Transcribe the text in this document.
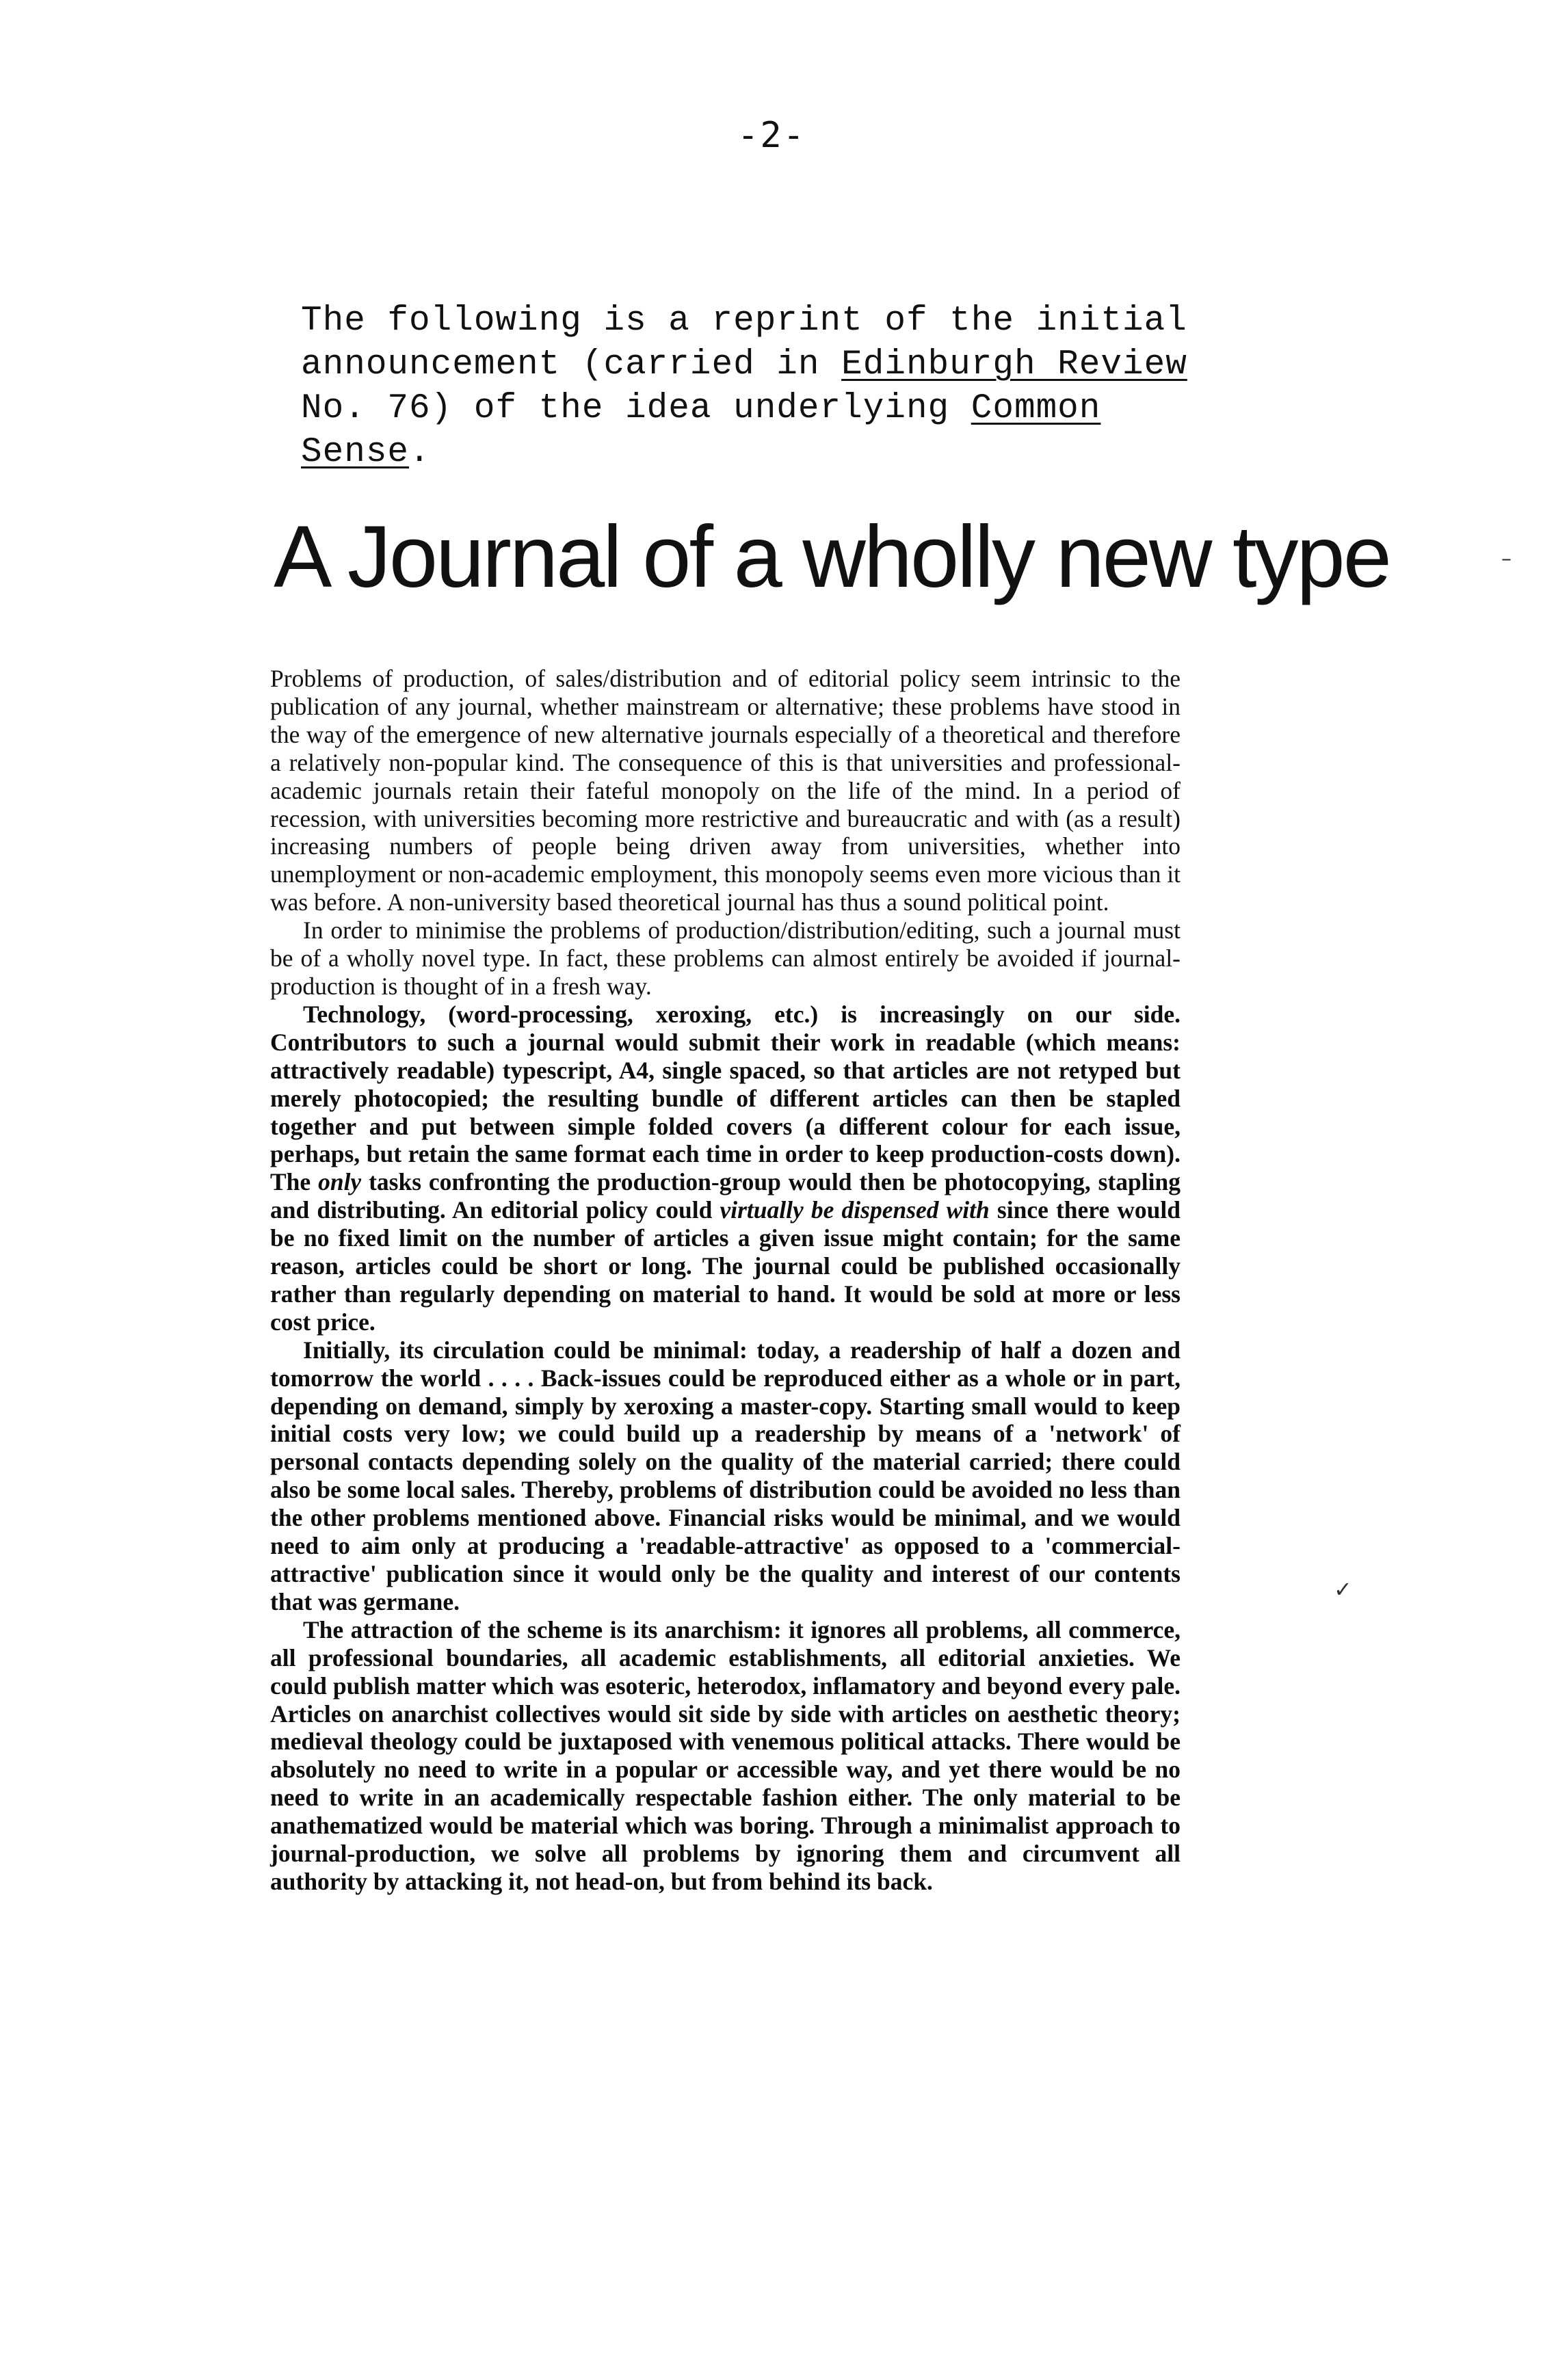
-2-
The following is a reprint of the initial announcement (carried in Edinburgh Review No. 76) of the idea underlying Common Sense.
A Journal of a wholly new type

Problems of production, of sales/distribution and of editorial policy seem intrinsic to the publication of any journal, whether mainstream or alternative; these problems have stood in the way of the emergence of new alternative journals especially of a theoretical and therefore a relatively non-popular kind. The consequence of this is that universities and professional-academic journals retain their fateful monopoly on the life of the mind. In a period of recession, with universities becoming more restrictive and bureaucratic and with (as a result) increasing numbers of people being driven away from universities, whether into unemployment or non-academic employment, this monopoly seems even more vicious than it was before. A non-university based theoretical journal has thus a sound political point.

In order to minimise the problems of production/distribution/editing, such a journal must be of a wholly novel type. In fact, these problems can almost entirely be avoided if journal-production is thought of in a fresh way.

Technology, (word-processing, xeroxing, etc.) is increasingly on our side. Contributors to such a journal would submit their work in readable (which means: attractively readable) typescript, A4, single spaced, so that articles are not retyped but merely photocopied; the resulting bundle of different articles can then be stapled together and put between simple folded covers (a different colour for each issue, perhaps, but retain the same format each time in order to keep production-costs down). The only tasks confronting the production-group would then be photocopying, stapling and distributing. An editorial policy could virtually be dispensed with since there would be no fixed limit on the number of articles a given issue might contain; for the same reason, articles could be short or long. The journal could be published occasionally rather than regularly depending on material to hand. It would be sold at more or less cost price.

Initially, its circulation could be minimal: today, a readership of half a dozen and tomorrow the world . . . . Back-issues could be reproduced either as a whole or in part, depending on demand, simply by xeroxing a master-copy. Starting small would to keep initial costs very low; we could build up a readership by means of a 'network' of personal contacts depending solely on the quality of the material carried; there could also be some local sales. Thereby, problems of distribution could be avoided no less than the other problems mentioned above. Financial risks would be minimal, and we would need to aim only at producing a 'readable-attractive' as opposed to a 'commercial-attractive' publication since it would only be the quality and interest of our contents that was germane.

The attraction of the scheme is its anarchism: it ignores all problems, all commerce, all professional boundaries, all academic establishments, all editorial anxieties. We could publish matter which was esoteric, heterodox, inflamatory and beyond every pale. Articles on anarchist collectives would sit side by side with articles on aesthetic theory; medieval theology could be juxtaposed with venemous political attacks. There would be absolutely no need to write in a popular or accessible way, and yet there would be no need to write in an academically respectable fashion either. The only material to be anathematized would be material which was boring. Through a minimalist approach to journal-production, we solve all problems by ignoring them and circumvent all authority by attacking it, not head-on, but from behind its back.

–
✓
